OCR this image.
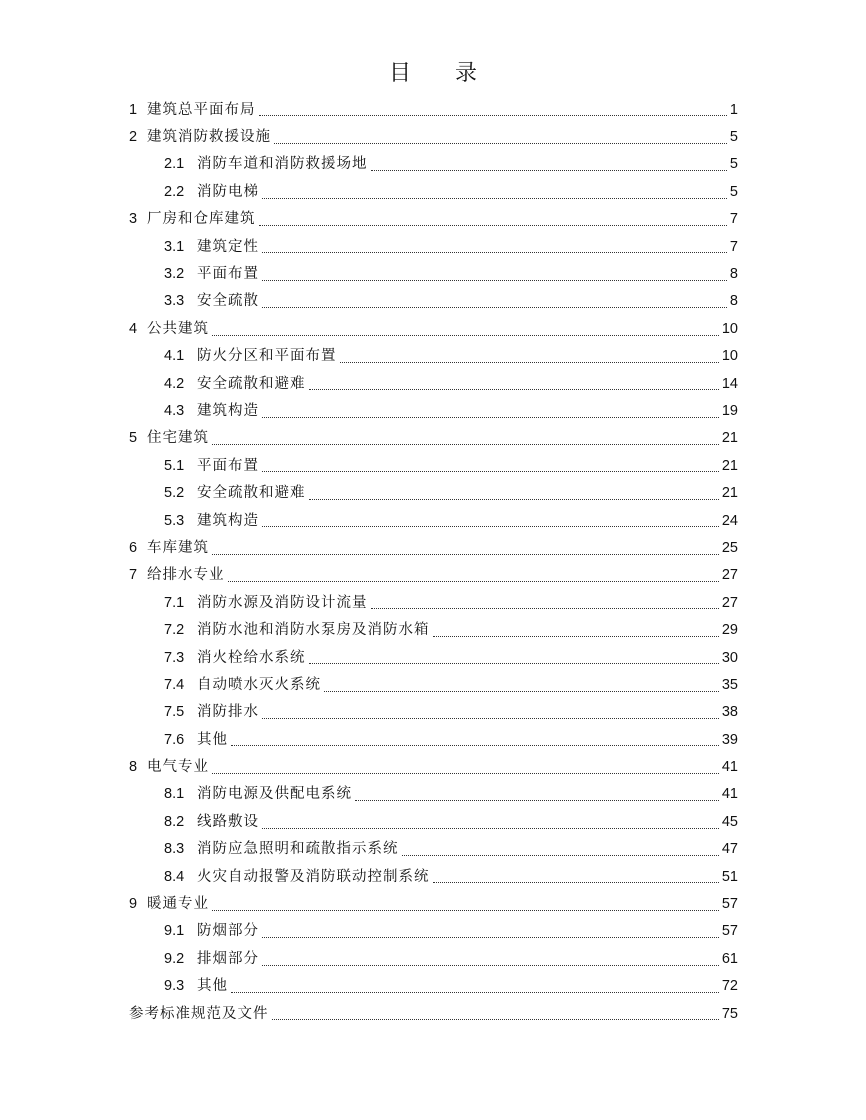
目　　录
1 建筑总平面布局	1
2 建筑消防救援设施	5
2.1 消防车道和消防救援场地	5
2.2 消防电梯	5
3 厂房和仓库建筑	7
3.1 建筑定性	7
3.2 平面布置	8
3.3 安全疏散	8
4 公共建筑	10
4.1 防火分区和平面布置	10
4.2 安全疏散和避难	14
4.3 建筑构造	19
5 住宅建筑	21
5.1 平面布置	21
5.2 安全疏散和避难	21
5.3 建筑构造	24
6 车库建筑	25
7 给排水专业	27
7.1 消防水源及消防设计流量	27
7.2 消防水池和消防水泵房及消防水箱	29
7.3 消火栓给水系统	30
7.4 自动喷水灭火系统	35
7.5 消防排水	38
7.6 其他	39
8 电气专业	41
8.1 消防电源及供配电系统	41
8.2 线路敷设	45
8.3 消防应急照明和疏散指示系统	47
8.4 火灾自动报警及消防联动控制系统	51
9 暖通专业	57
9.1 防烟部分	57
9.2 排烟部分	61
9.3 其他	72
参考标准规范及文件	75
